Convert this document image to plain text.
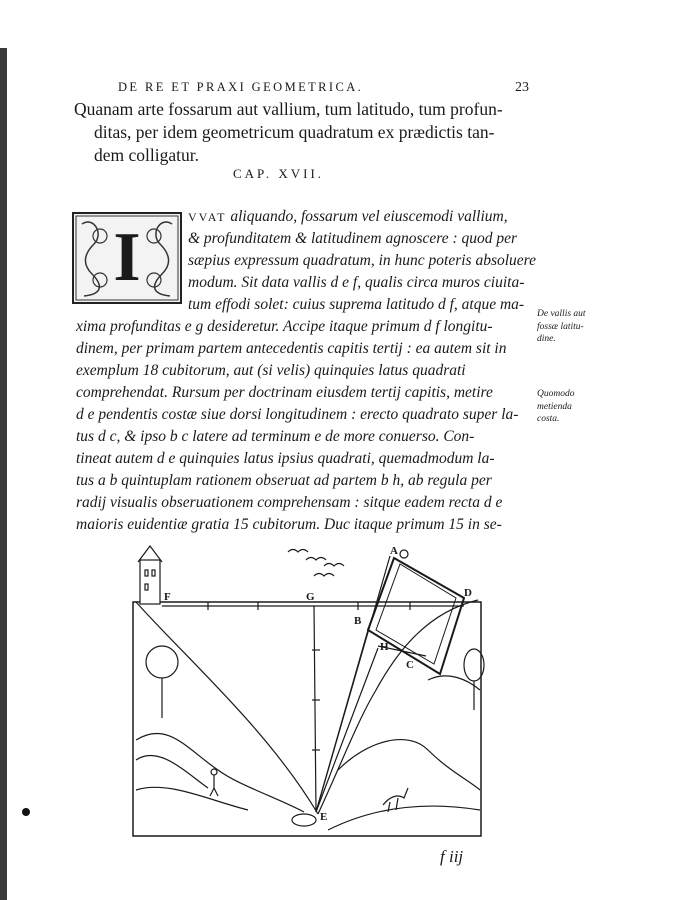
DE RE ET PRAXI GEOMETRICA.	23
Quanam arte fossarum aut vallium, tum latitudo, tum profun-
ditas, per idem geometricum quadratum ex prædictis tan-
dem colligatur.
CAP. XVII.
I
VVAT aliquando, fossarum vel eiuscemodi vallium,
& profunditatem & latitudinem agnoscere : quod per
sæpius expressum quadratum, in hunc poteris absoluere
modum. Sit data vallis d e f, qualis circa muros ciuita-
tum effodi solet: cuius suprema latitudo d f, atque ma-
xima profunditas e g desideretur. Accipe itaque primum d f longitu-
dinem, per primam partem antecedentis capitis tertij : ea autem sit in
exemplum 18 cubitorum, aut (si velis) quinquies latus quadrati
comprehendat. Rursum per doctrinam eiusdem tertij capitis, metire
d e pendentis costæ siue dorsi longitudinem : erecto quadrato super la-
tus d c, & ipso b c latere ad terminum e de more conuerso. Con-
tineat autem d e quinquies latus ipsius quadrati, quemadmodum la-
tus a b quintuplam rationem obseruat ad partem b h, ab regula per
radij visualis obseruationem comprehensam : sitque eadem recta d e
maioris euidentiæ gratia 15 cubitorum. Duc itaque primum 15 in se-
De vallis aut
fossæ latitu-
dine.
Quomodo
metienda
costa.
F	G
A
D
B
H
C
E
f iij
